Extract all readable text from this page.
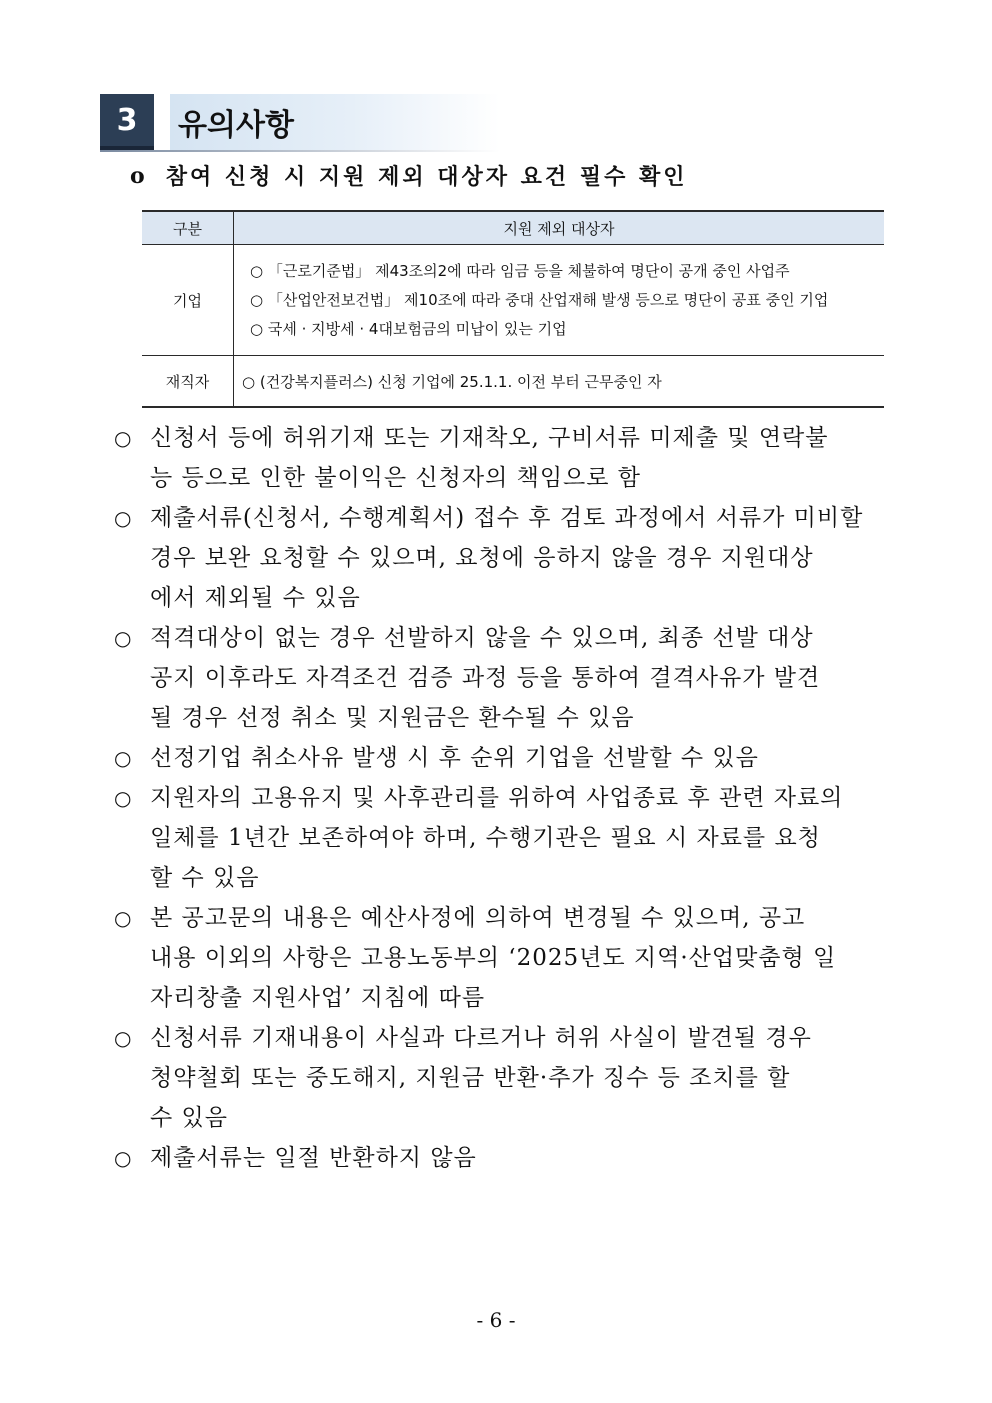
3	유의사항
o 참여 신청 시 지원 제외 대상자 요건 필수 확인
구분	지원 제외 대상자
기업	○ 「근로기준법」 제43조의2에 따라 임금 등을 체불하여 명단이 공개 중인 사업주
○ 「산업안전보건법」 제10조에 따라 중대 산업재해 발생 등으로 명단이 공표 중인 기업
○ 국세 · 지방세 · 4대보험금의 미납이 있는 기업

재직자	○ (건강복지플러스) 신청 기업에 25.1.1. 이전 부터 근무중인 자
○ 신청서 등에 허위기재 또는 기재착오, 구비서류 미제출 및 연락불
능 등으로 인한 불이익은 신청자의 책임으로 함
○ 제출서류(신청서, 수행계획서) 접수 후 검토 과정에서 서류가 미비할
경우 보완 요청할 수 있으며, 요청에 응하지 않을 경우 지원대상
에서 제외될 수 있음
○ 적격대상이 없는 경우 선발하지 않을 수 있으며, 최종 선발 대상
공지 이후라도 자격조건 검증 과정 등을 통하여 결격사유가 발견
될 경우 선정 취소 및 지원금은 환수될 수 있음
○ 선정기업 취소사유 발생 시 후 순위 기업을 선발할 수 있음
○ 지원자의 고용유지 및 사후관리를 위하여 사업종료 후 관련 자료의
일체를 1년간 보존하여야 하며, 수행기관은 필요 시 자료를 요청
할 수 있음
○ 본 공고문의 내용은 예산사정에 의하여 변경될 수 있으며, 공고
내용 이외의 사항은 고용노동부의 ‘2025년도 지역·산업맞춤형 일
자리창출 지원사업’ 지침에 따름
○ 신청서류 기재내용이 사실과 다르거나 허위 사실이 발견될 경우
청약철회 또는 중도해지, 지원금 반환·추가 징수 등 조치를 할
수 있음
○ 제출서류는 일절 반환하지 않음
- 6 -
